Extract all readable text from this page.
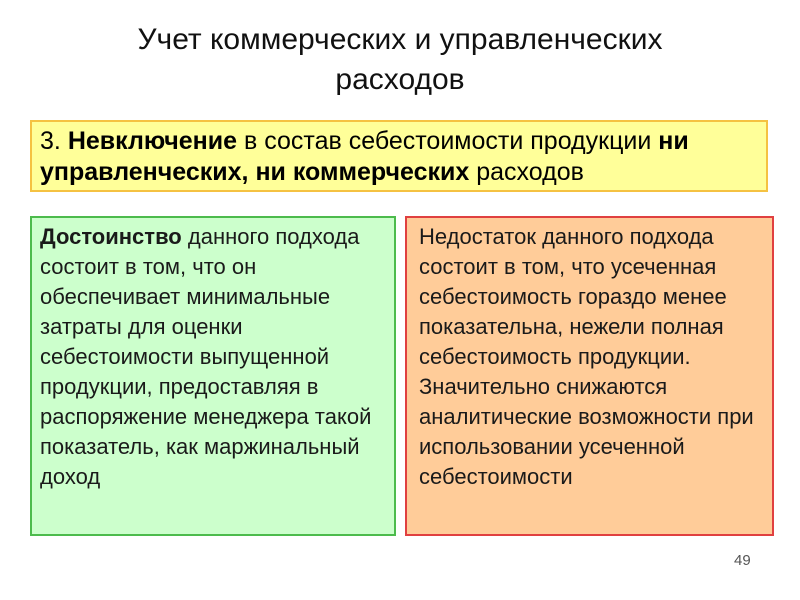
Учет коммерческих и управленческих
расходов
3. Невключение в состав себестоимости продукции ни управленческих, ни коммерческих расходов
Достоинство данного подхода состоит в том, что он обеспечивает минимальные затраты для оценки себестоимости выпущенной продукции, предоставляя в распоряжение менеджера такой показатель, как маржинальный доход
Недостаток данного подхода состоит в том, что усеченная себестоимость гораздо менее показательна, нежели полная себестоимость продукции. Значительно снижаются аналитические возможности при использовании усеченной себестоимости
49
